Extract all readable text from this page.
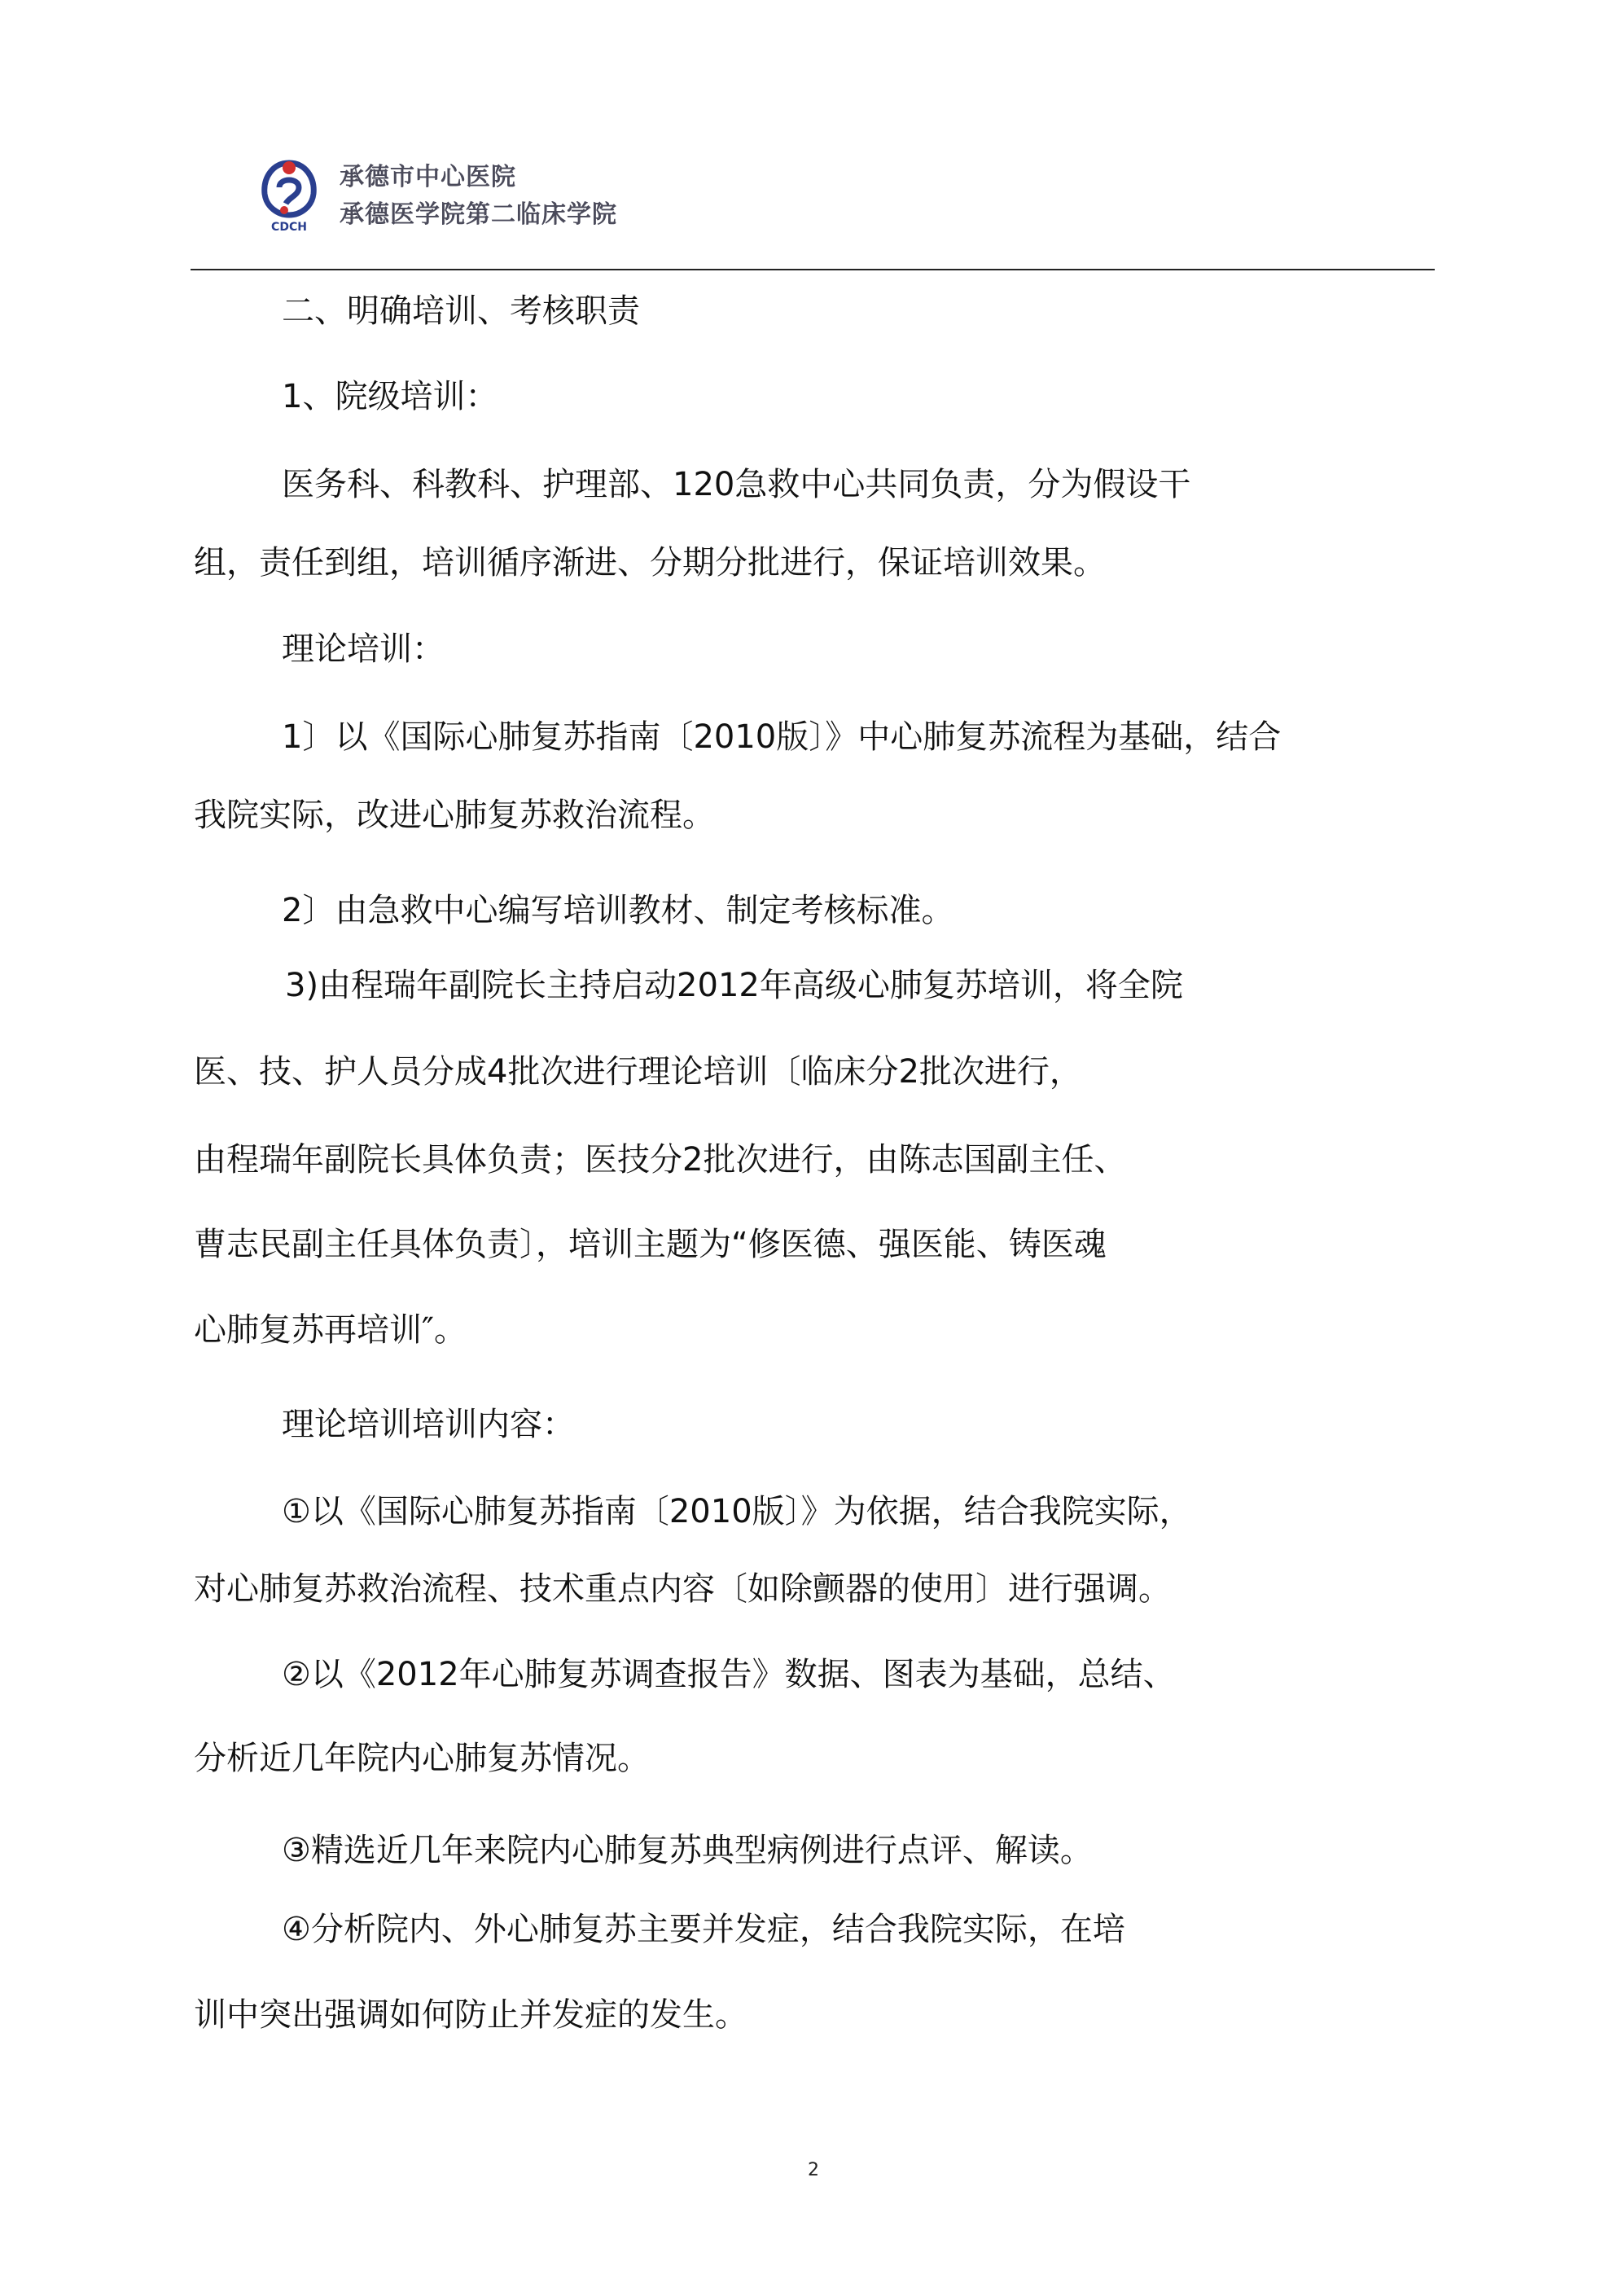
CDCH
承德市中心医院
承德医学院第二临床学院
二、明确培训、考核职责
1、院级培训：
医务科、科教科、护理部、120急救中心共同负责，分为假设干
组，责任到组，培训循序渐进、分期分批进行，保证培训效果。
理论培训：
1〕以《国际心肺复苏指南〔2010版〕》中心肺复苏流程为基础，结合
我院实际，改进心肺复苏救治流程。
2〕由急救中心编写培训教材、制定考核标准。
3)由程瑞年副院长主持启动2012年高级心肺复苏培训，将全院
医、技、护人员分成4批次进行理论培训〔临床分2批次进行，
由程瑞年副院长具体负责；医技分2批次进行，由陈志国副主任、
曹志民副主任具体负责〕，培训主题为“修医德、强医能、铸医魂
心肺复苏再培训″。
理论培训培训内容：
①以《国际心肺复苏指南〔2010版〕》为依据，结合我院实际，
对心肺复苏救治流程、技术重点内容〔如除颤器的使用〕进行强调。
②以《2012年心肺复苏调查报告》数据、图表为基础，总结、
分析近几年院内心肺复苏情况。
③精选近几年来院内心肺复苏典型病例进行点评、解读。
④分析院内、外心肺复苏主要并发症，结合我院实际，在培
训中突出强调如何防止并发症的发生。
2
